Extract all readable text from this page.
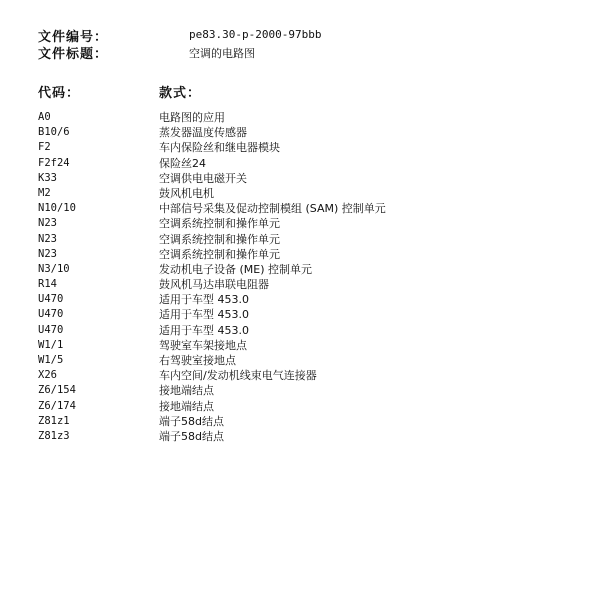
文件编号：	pe83.30-p-2000-97bbb
文件标题：	空调的电路图
代码：	款式：
A0	电路图的应用
B10/6	蒸发器温度传感器
F2	车内保险丝和继电器模块
F2f24	保险丝24
K33	空调供电电磁开关
M2	鼓风机电机
N10/10	中部信号采集及促动控制模组 (SAM) 控制单元
N23	空调系统控制和操作单元
N23	空调系统控制和操作单元
N23	空调系统控制和操作单元
N3/10	发动机电子设备 (ME) 控制单元
R14	鼓风机马达串联电阻器
U470	适用于车型 453.0
U470	适用于车型 453.0
U470	适用于车型 453.0
W1/1	驾驶室车架接地点
W1/5	右驾驶室接地点
X26	车内空间/发动机线束电气连接器
Z6/154	接地端结点
Z6/174	接地端结点
Z81z1	端子58d结点
Z81z3	端子58d结点
